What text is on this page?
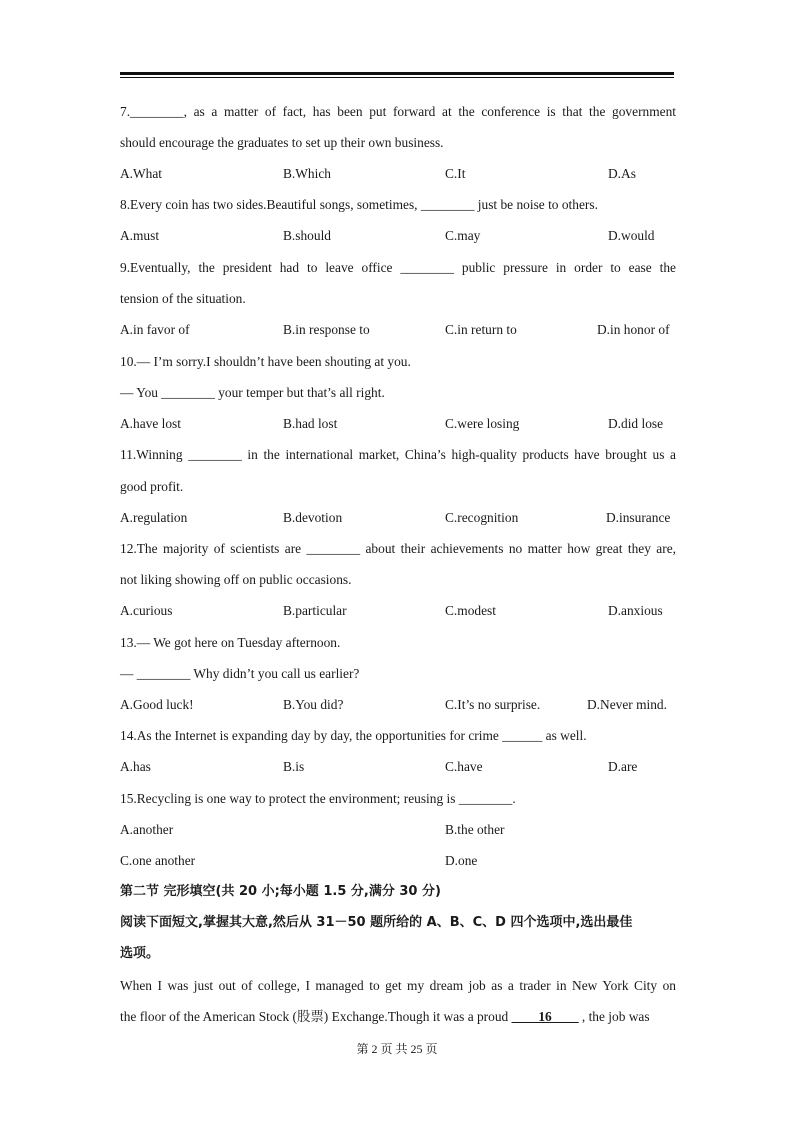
7.________, as a matter of fact, has been put forward at the conference is that the government
should encourage the graduates to set up their own business.
A.What	B.Which	C.It	D.As
8.Every coin has two sides.Beautiful songs, sometimes, ________ just be noise to others.
A.must	B.should	C.may	D.would
9.Eventually, the president had to leave office ________ public pressure in order to ease the
tension of the situation.
A.in favor of	B.in response to	C.in return to	D.in honor of
10.— I’m sorry.I shouldn’t have been shouting at you.
— You ________ your temper but that’s all right.
A.have lost	B.had lost	C.were losing	D.did lose
11.Winning ________ in the international market, China’s high-quality products have brought us a
good profit.
A.regulation	B.devotion	C.recognition	D.insurance
12.The majority of scientists are ________ about their achievements no matter how great they are,
not liking showing off on public occasions.
A.curious	B.particular	C.modest	D.anxious
13.— We got here on Tuesday afternoon.
— ________ Why didn’t you call us earlier?
A.Good luck!	B.You did?	C.It’s no surprise.	D.Never mind.
14.As the Internet is expanding day by day, the opportunities for crime ______ as well.
A.has	B.is	C.have	D.are
15.Recycling is one way to protect the environment; reusing is ________.
A.another	B.the other
C.one another	D.one
第二节 完形填空(共 20 小;每小题 1.5 分,满分 30 分)
阅读下面短文,掌握其大意,然后从 31－50 题所给的 A、B、C、D 四个选项中,选出最佳
选项。
When I was just out of college, I managed to get my dream job as a trader in New York City on
the floor of the American Stock (股票) Exchange.Though it was a proud ____16____ , the job was
第 2 页 共 25 页
